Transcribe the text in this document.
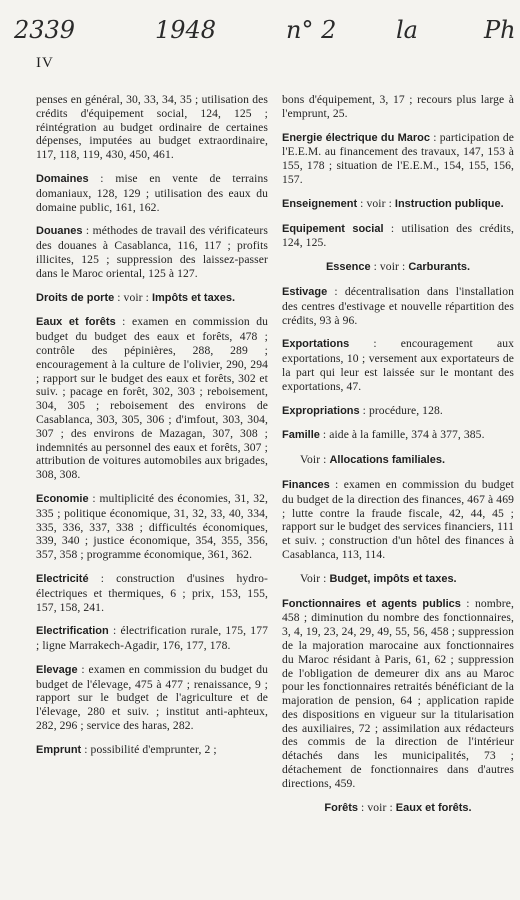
2339	1948	n° 2 la	Ph
IV

penses en général, 30, 33, 34, 35 ; utilisation des crédits d'équipement social, 124, 125 ; réintégration au budget ordinaire de certaines dépenses, imputées au budget extraordinaire, 117, 118, 119, 430, 450, 461.

Domaines : mise en vente de terrains domaniaux, 128, 129 ; utilisation des eaux du domaine public, 161, 162.

Douanes : méthodes de travail des vérificateurs des douanes à Casablanca, 116, 117 ; profits illicites, 125 ; suppression des laissez-passer dans le Maroc oriental, 125 à 127.

Droits de porte : voir : Impôts et taxes.

Eaux et forêts : examen en commission du budget du budget des eaux et forêts, 478 ; contrôle des pépinières, 288, 289 ; encouragement à la culture de l'olivier, 290, 294 ; rapport sur le budget des eaux et forêts, 302 et suiv. ; pacage en forêt, 302, 303 ; reboisement, 304, 305 ; reboisement des environs de Casablanca, 303, 305, 306 ; d'imfout, 303, 304, 307 ; des environs de Mazagan, 307, 308 ; indemnités au personnel des eaux et forêts, 307 ; attribution de voitures automobiles aux brigades, 308, 308.

Economie : multiplicité des économies, 31, 32, 335 ; politique économique, 31, 32, 33, 40, 334, 335, 336, 337, 338 ; difficultés économiques, 339, 340 ; justice économique, 354, 355, 356, 357, 358 ; programme économique, 361, 362.

Electricité : construction d'usines hydro-électriques et thermiques, 6 ; prix, 153, 155, 157, 158, 241.

Electrification : électrification rurale, 175, 177 ; ligne Marrakech-Agadir, 176, 177, 178.

Elevage : examen en commission du budget du budget de l'élevage, 475 à 477 ; renaissance, 9 ; rapport sur le budget de l'agriculture et de l'élevage, 280 et suiv. ; institut anti-aphteux, 282, 296 ; service des haras, 282.

Emprunt : possibilité d'emprunter, 2 ;

bons d'équipement, 3, 17 ; recours plus large à l'emprunt, 25.

Energie électrique du Maroc : participation de l'E.E.M. au financement des travaux, 147, 153 à 155, 178 ; situation de l'E.E.M., 154, 155, 156, 157.

Enseignement : voir : Instruction publique.

Equipement social : utilisation des crédits, 124, 125.

Essence : voir : Carburants.

Estivage : décentralisation dans l'installation des centres d'estivage et nouvelle répartition des crédits, 93 à 96.

Exportations : encouragement aux exportations, 10 ; versement aux exportateurs de la part qui leur est laissée sur le montant des exportations, 47.

Expropriations : procédure, 128.

Famille : aide à la famille, 374 à 377, 385.

Voir : Allocations familiales.

Finances : examen en commission du budget du budget de la direction des finances, 467 à 469 ; lutte contre la fraude fiscale, 42, 44, 45 ; rapport sur le budget des services financiers, 111 et suiv. ; construction d'un hôtel des finances à Casablanca, 113, 114.

Voir : Budget, impôts et taxes.

Fonctionnaires et agents publics : nombre, 458 ; diminution du nombre des fonctionnaires, 3, 4, 19, 23, 24, 29, 49, 55, 56, 458 ; suppression de la majoration marocaine aux fonctionnaires du Maroc résidant à Paris, 61, 62 ; suppression de l'obligation de demeurer dix ans au Maroc pour les fonctionnaires retraités bénéficiant de la majoration de pension, 64 ; application rapide des dispositions en vigueur sur la titularisation des auxiliaires, 72 ; assimilation aux rédacteurs des commis de la direction de l'intérieur détachés dans les municipalités, 73 ; détachement de fonctionnaires dans d'autres directions, 459.

Forêts : voir : Eaux et forêts.
